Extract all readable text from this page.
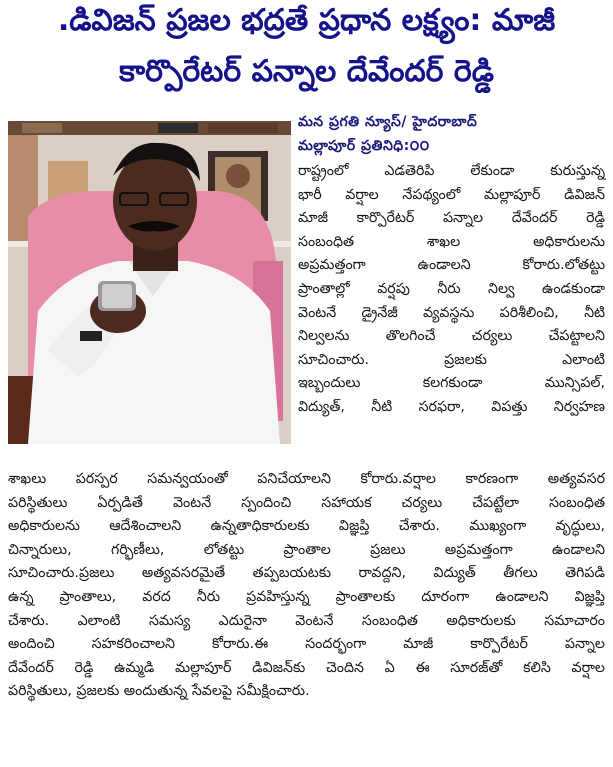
.డివిజన్ ప్రజల భద్రతే ప్రధాన లక్ష్యం: మాజీ
కార్పొరేటర్ పన్నాల దేవేందర్ రెడ్డి
మన ప్రగతి న్యూస్/ హైదరాబాద్
మల్లాపూర్ ప్రతినిధి:౦౦
రాష్ట్రంలో ఎడతెరిపి లేకుండా కురుస్తున్న
భారీ వర్షాల నేపథ్యంలో మల్లాపూర్ డివిజన్
మాజీ కార్పొరేటర్ పన్నాల దేవేందర్ రెడ్డి
సంబంధిత శాఖల అధికారులను
అప్రమత్తంగా ఉండాలని కోరారు.లోతట్టు
ప్రాంతాల్లో వర్షపు నీరు నిల్వ ఉండకుండా
వెంటనే డ్రైనేజీ వ్యవస్థను పరిశీలించి, నీటి
నిల్వలను తొలగించే చర్యలు చేపట్టాలని
సూచించారు. ప్రజలకు ఎలాంటి
ఇబ్బందులు కలగకుండా మున్సిపల్,
విద్యుత్, నీటి సరఫరా, విపత్తు నిర్వహణ
శాఖలు పరస్పర సమన్వయంతో పనిచేయాలని కోరారు.వర్షాల కారణంగా అత్యవసర
పరిస్థితులు ఏర్పడితే వెంటనే స్పందించి సహాయక చర్యలు చేపట్టేలా సంబంధిత
అధికారులను ఆదేశించాలని ఉన్నతాధికారులకు విజ్ఞప్తి చేశారు. ముఖ్యంగా వృద్ధులు,
చిన్నారులు, గర్భిణీలు, లోతట్టు ప్రాంతాల ప్రజలు అప్రమత్తంగా ఉండాలని
సూచించారు.ప్రజలు అత్యవసరమైతే తప్పబయటకు రావద్దని, విద్యుత్ తీగలు తెగిపడి
ఉన్న ప్రాంతాలు, వరద నీరు ప్రవహిస్తున్న ప్రాంతాలకు దూరంగా ఉండాలని విజ్ఞప్తి
చేశారు. ఎలాంటి సమస్య ఎదురైనా వెంటనే సంబంధిత అధికారులకు సమాచారం
అందించి సహకరించాలని కోరారు.ఈ సందర్భంగా మాజీ కార్పొరేటర్ పన్నాల
దేవేందర్ రెడ్డి ఉమ్మడి మల్లాపూర్ డివిజన్‌కు చెందిన ఏ ఈ సూరజ్‌తో కలిసి వర్షాల
పరిస్థితులు, ప్రజలకు అందుతున్న సేవలపై సమీక్షించారు.
